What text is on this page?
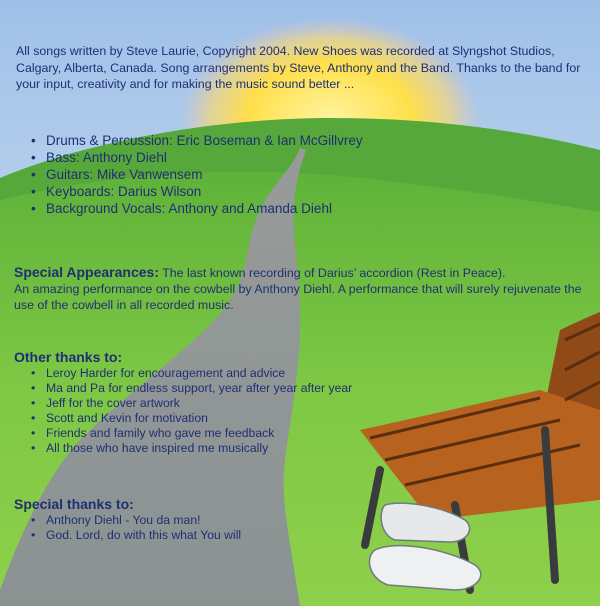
All songs written by Steve Laurie, Copyright 2004. New Shoes was recorded at Slyngshot Studios, Calgary, Alberta, Canada. Song arrangements by Steve, Anthony and the Band. Thanks to the band for your input, creativity and for making the music sound better ...
• Drums & Percussion: Eric Boseman & Ian McGillvrey
• Bass: Anthony Diehl
• Guitars: Mike Vanwensem
• Keyboards: Darius Wilson
• Background Vocals: Anthony and Amanda Diehl
Special Appearances: The last known recording of Darius’ accordion (Rest in Peace).
An amazing performance on the cowbell by Anthony Diehl. A performance that will surely rejuvenate the use of the cowbell in all recorded music.
Other thanks to:
• Leroy Harder for encouragement and advice
• Ma and Pa for endless support, year after year after year
• Jeff for the cover artwork
• Scott and Kevin for motivation
• Friends and family who gave me feedback
• All those who have inspired me musically
Special thanks to:
• Anthony Diehl - You da man!
• God. Lord, do with this what You will
